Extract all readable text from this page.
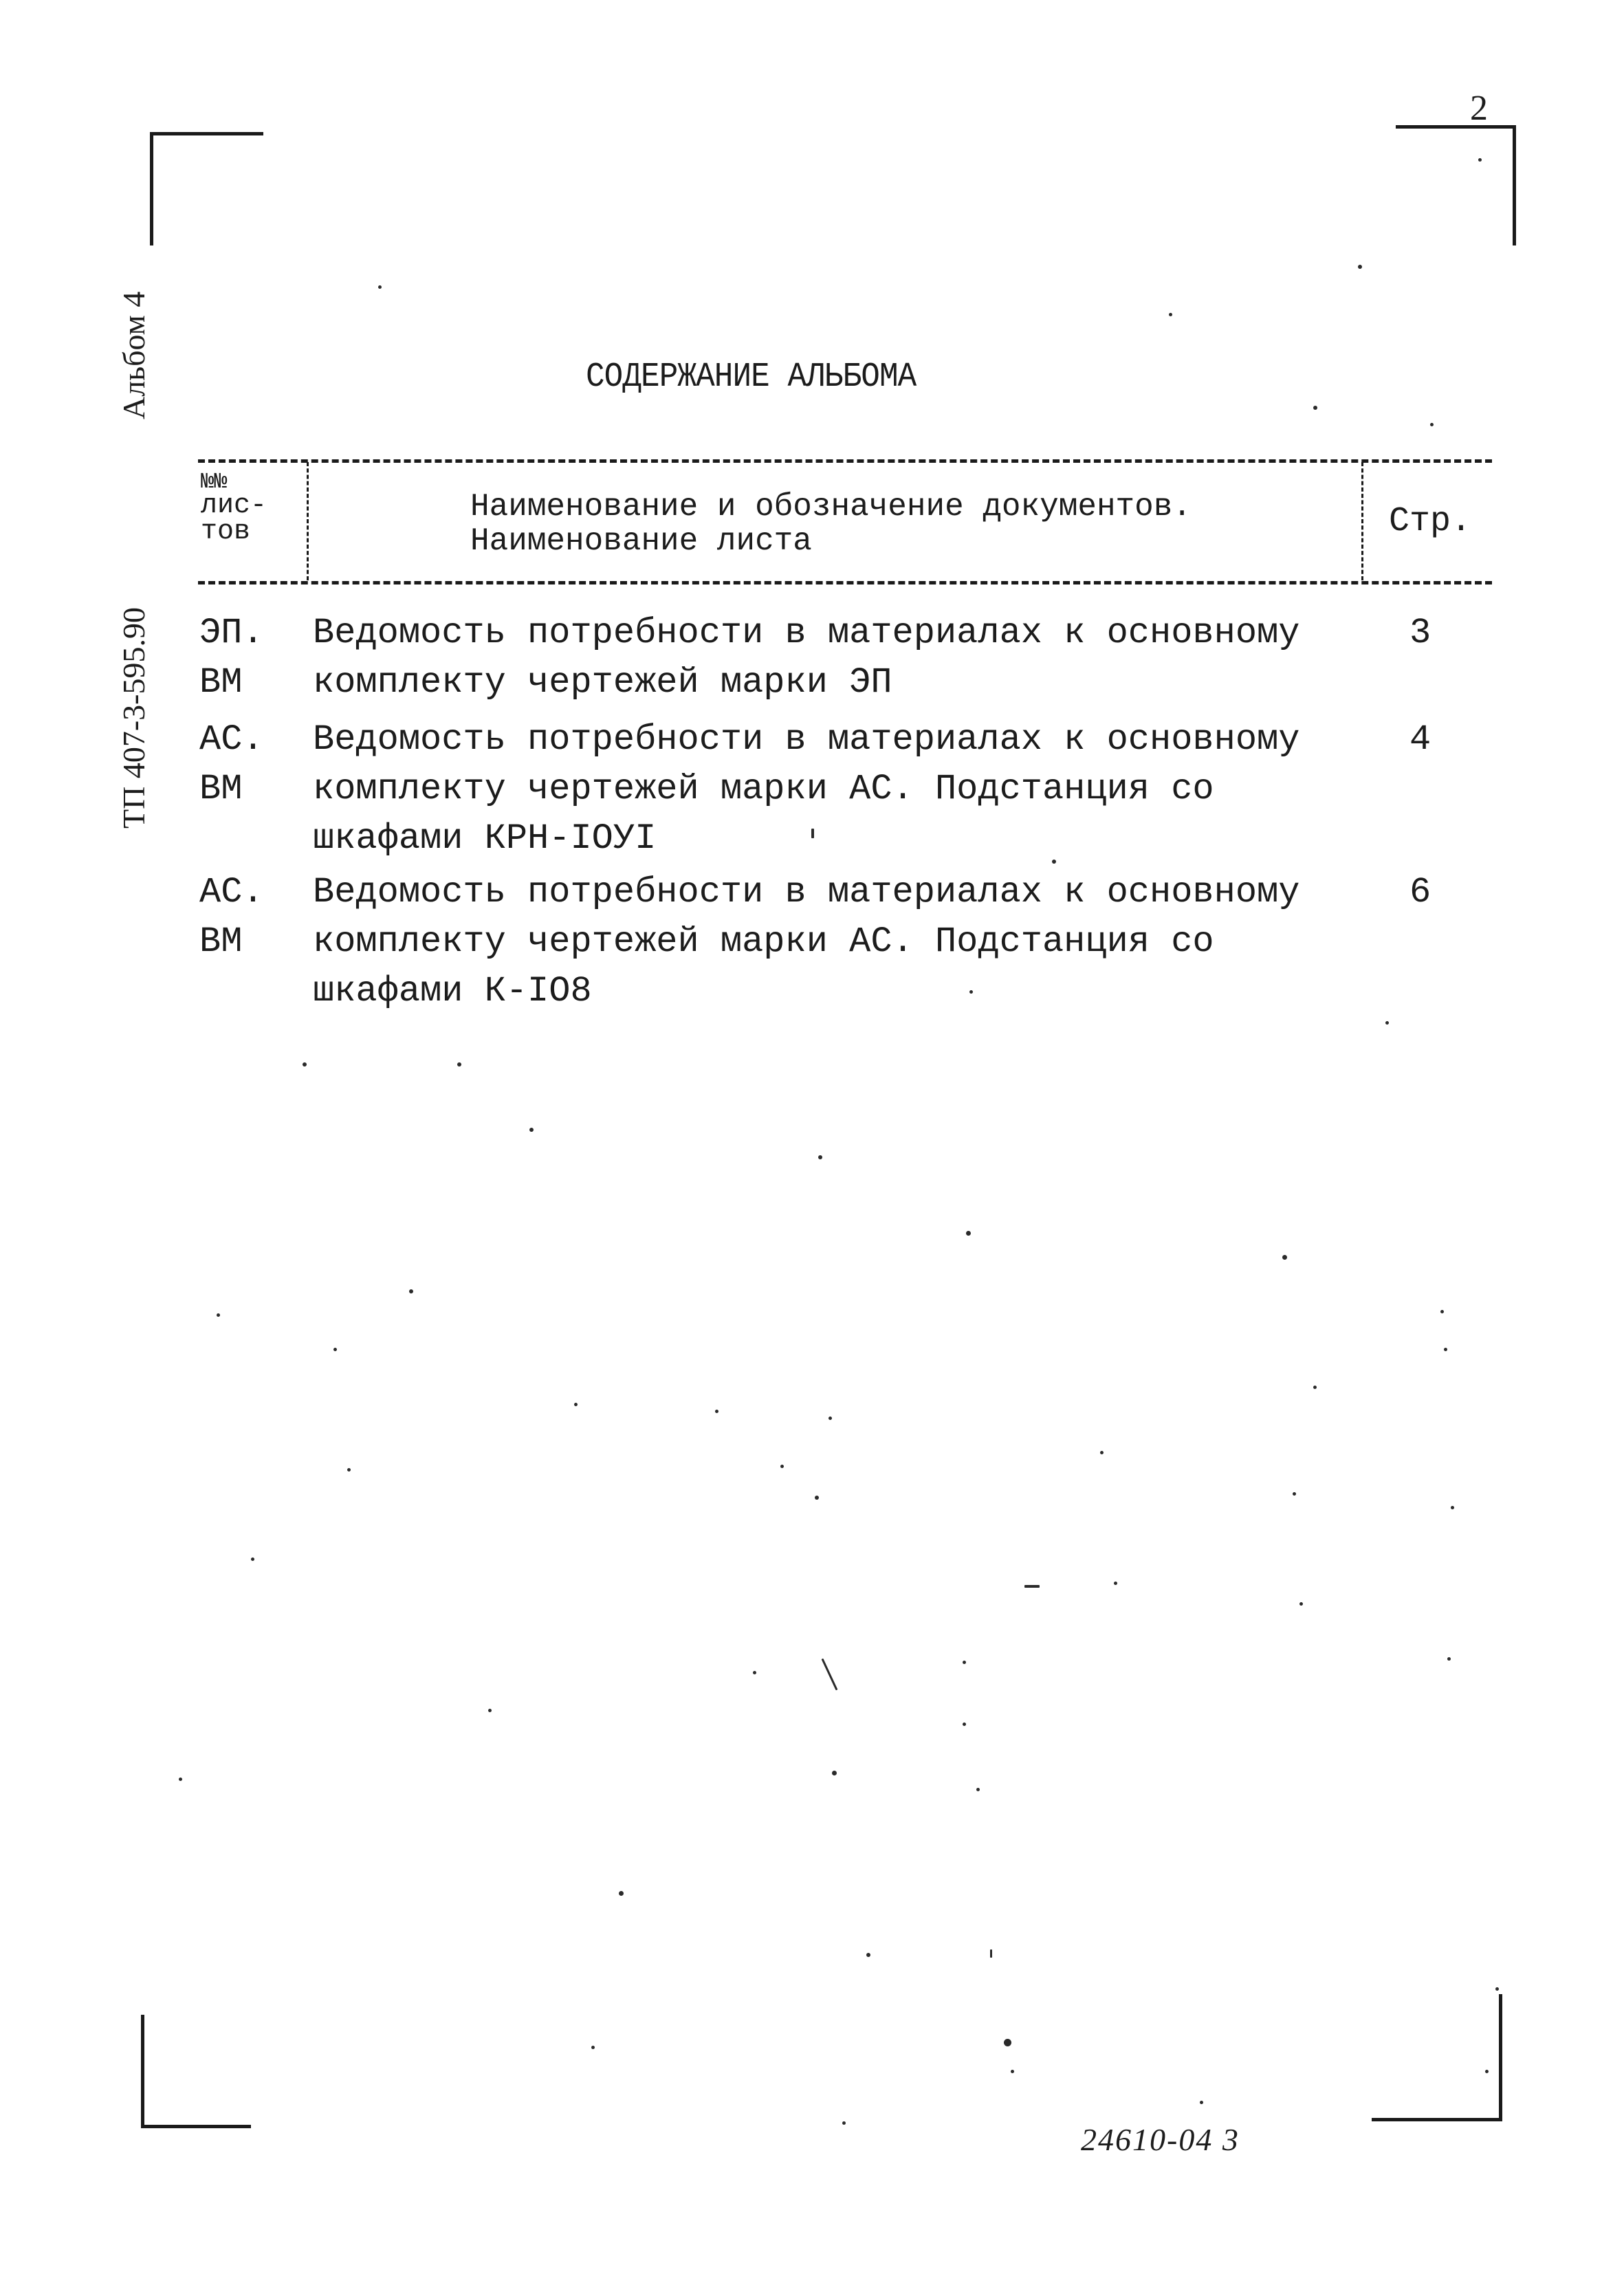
2
Альбом 4
ТП 407-3-595.90
СОДЕРЖАНИЕ АЛЬБОМА
№№
лис-
тов
Наименование и обозначение документов.
Наименование листа	Стр.
ЭП.
ВМ
Ведомость потребности в материалах к основному
комплекту чертежей марки ЭП
3
АС.
ВМ
Ведомость потребности в материалах к основному
комплекту чертежей марки АС. Подстанция со
шкафами КРН-IOУI
4
АС.
ВМ
Ведомость потребности в материалах к основному
комплекту чертежей марки АС. Подстанция со
шкафами К-IO8
6
24610-04 3
